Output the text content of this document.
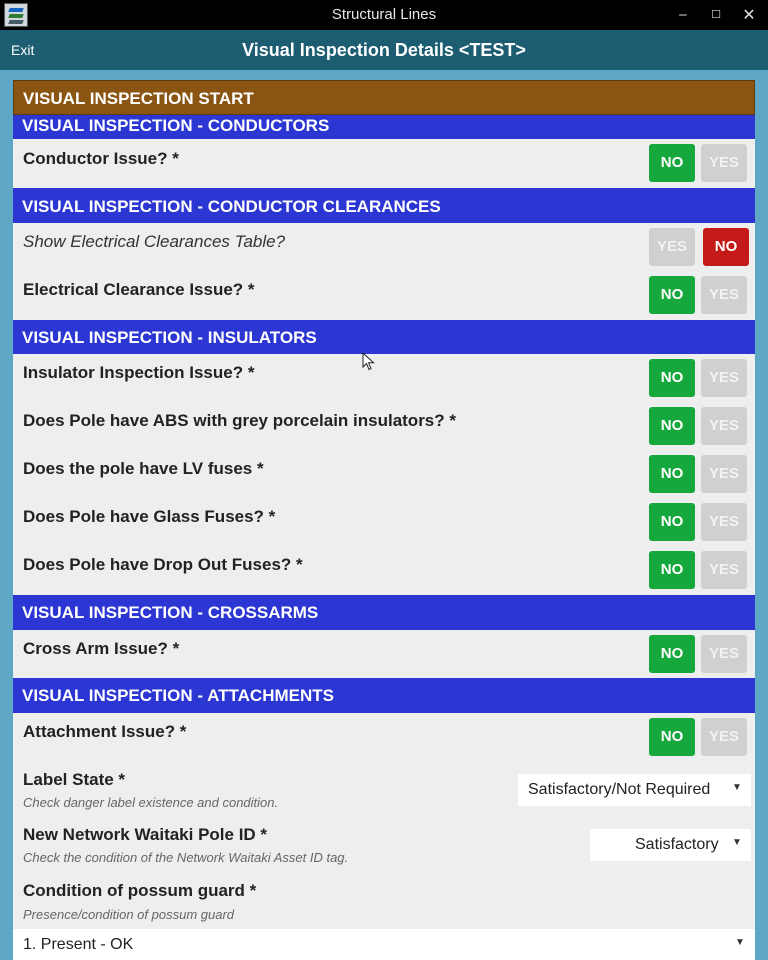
Structural Lines	‒	☐	✕
Exit	Visual Inspection Details <TEST>
VISUAL INSPECTION START
VISUAL INSPECTION - CONDUCTORS
Conductor Issue? *	NO	YES
VISUAL INSPECTION - CONDUCTOR CLEARANCES
Show Electrical Clearances Table?	YES	NO
Electrical Clearance Issue? *	NO	YES
VISUAL INSPECTION - INSULATORS
Insulator Inspection Issue? *	NO	YES
Does Pole have ABS with grey porcelain insulators? *	NO	YES
Does the pole have LV fuses *	NO	YES
Does Pole have Glass Fuses? *	NO	YES
Does Pole have Drop Out Fuses? *	NO	YES
VISUAL INSPECTION - CROSSARMS
Cross Arm Issue? *	NO	YES
VISUAL INSPECTION - ATTACHMENTS
Attachment Issue? *	NO	YES
Label State *
Check danger label existence and condition.
Satisfactory/Not Required ▼
New Network Waitaki Pole ID *
Check the condition of the Network Waitaki Asset ID tag.
Satisfactory ▼
Condition of possum guard *
Presence/condition of possum guard
1. Present - OK	▼
